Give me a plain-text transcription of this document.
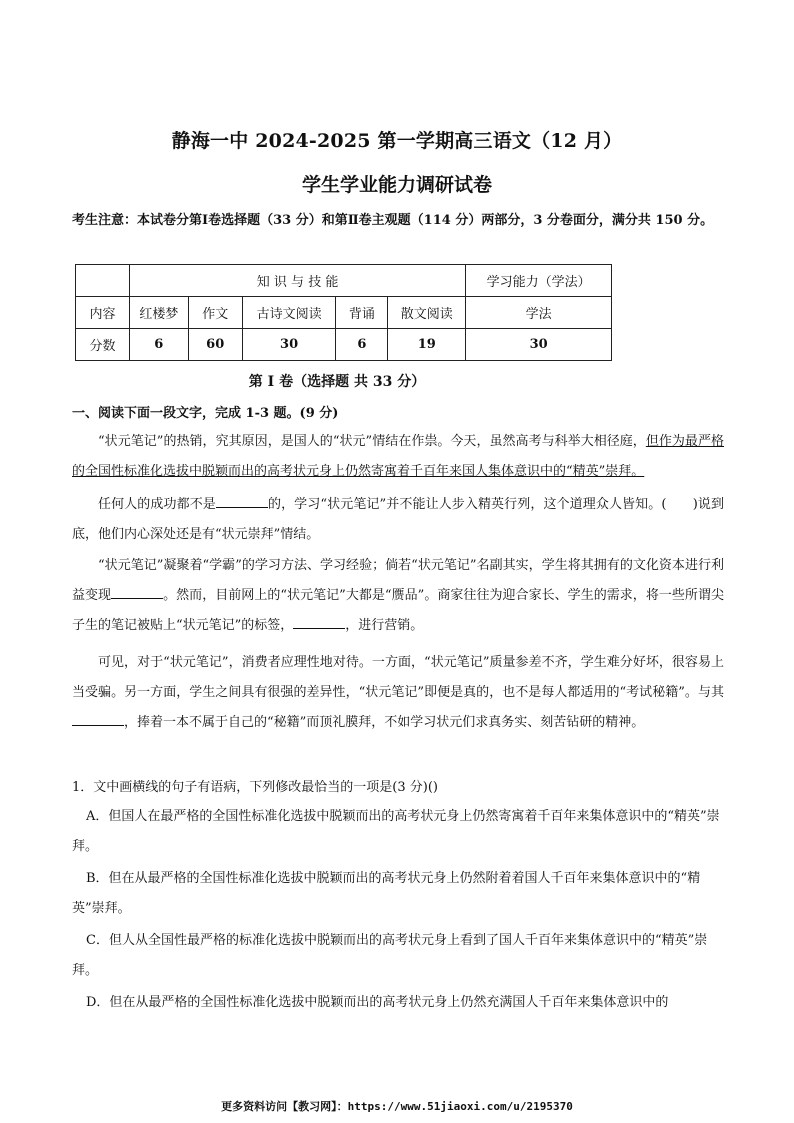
静海一中 2024-2025 第一学期高三语文（12 月）
学生学业能力调研试卷
考生注意：本试卷分第Ⅰ卷选择题（33 分）和第Ⅱ卷主观题（114 分）两部分，3 分卷面分，满分共 150 分。
	知 识 与 技 能					学习能力（学法）
内容	红楼梦	作文	古诗文阅读	背诵	散文阅读	学法
分数	6	60	30	6	19	30
第 I 卷（选择题 共 33 分）
一、阅读下面一段文字，完成 1-3 题。(9 分)
“状元笔记”的热销，究其原因，是国人的“状元”情结在作祟。今天，虽然高考与科举大相径庭，但作为最严格的全国性标准化选拔中脱颖而出的高考状元身上仍然寄寓着千百年来国人集体意识中的“精英”崇拜。
任何人的成功都不是	的，学习“状元笔记”并不能让人步入精英行列，这个道理众人皆知。(　　)说到底，他们内心深处还是有“状元崇拜”情结。
“状元笔记”凝聚着“学霸”的学习方法、学习经验；倘若“状元笔记”名副其实，学生将其拥有的文化资本进行利益变现	。然而，目前网上的“状元笔记”大都是“赝品”。商家往往为迎合家长、学生的需求，将一些所谓尖子生的笔记被贴上“状元笔记”的标签，	，进行营销。
可见，对于“状元笔记”，消费者应理性地对待。一方面，“状元笔记”质量参差不齐，学生难分好坏，很容易上当受骗。另一方面，学生之间具有很强的差异性，“状元笔记”即便是真的，也不是每人都适用的“考试秘籍”。与其，捧着一本不属于自己的“秘籍”而顶礼膜拜，不如学习状元们求真务实、刻苦钻研的精神。
1．文中画横线的句子有语病，下列修改最恰当的一项是(3 分)()
A．但国人在最严格的全国性标准化选拔中脱颖而出的高考状元身上仍然寄寓着千百年来集体意识中的“精英”崇拜。
B．但在从最严格的全国性标准化选拔中脱颖而出的高考状元身上仍然附着着国人千百年来集体意识中的“精英”崇拜。
C．但人从全国性最严格的标准化选拔中脱颖而出的高考状元身上看到了国人千百年来集体意识中的“精英”崇拜。
D．但在从最严格的全国性标准化选拔中脱颖而出的高考状元身上仍然充满国人千百年来集体意识中的
更多资料访问【教习网】：https://www.51jiaoxi.com/u/2195370
